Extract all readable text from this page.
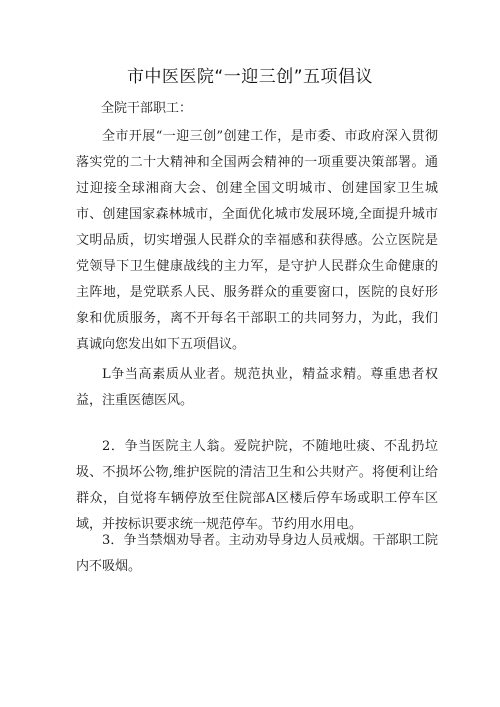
市中医医院“一迎三创”五项倡议
全院干部职工：
全市开展“一迎三创”创建工作，是市委、市政府深入贯彻落实党的二十大精神和全国两会精神的一项重要决策部署。通过迎接全球湘商大会、创建全国文明城市、创建国家卫生城市、创建国家森林城市，全面优化城市发展环境,全面提升城市文明品质，切实增强人民群众的幸福感和获得感。公立医院是党领导下卫生健康战线的主力军，是守护人民群众生命健康的主阵地，是党联系人民、服务群众的重要窗口，医院的良好形象和优质服务，离不开每名干部职工的共同努力，为此，我们真诚向您发出如下五项倡议。
L争当高素质从业者。规范执业，精益求精。尊重患者权益，注重医德医风。
2．争当医院主人翁。爱院护院，不随地吐痰、不乱扔垃圾、不损坏公物,维护医院的清洁卫生和公共财产。将便利让给群众，自觉将车辆停放至住院部A区楼后停车场或职工停车区域，并按标识要求统一规范停车。节约用水用电。
3．争当禁烟劝导者。主动劝导身边人员戒烟。干部职工院内不吸烟。
